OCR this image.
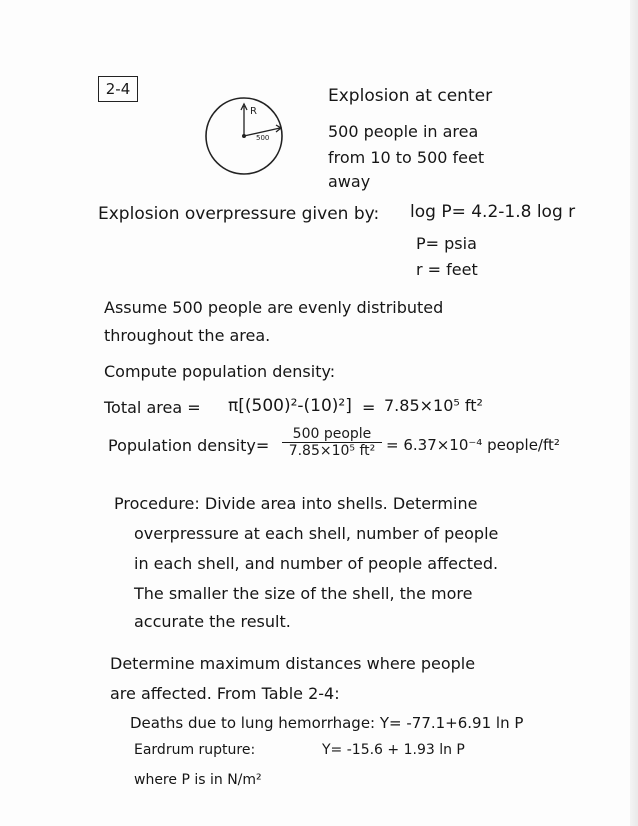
2-4
R
500
Explosion at center
500 people in area
from 10 to 500 feet
away
Explosion overpressure given by: log P= 4.2-1.8 log r
P= psia
r = feet
Assume 500 people are evenly distributed
throughout the area.
Compute population density:
Total area = π[(500)²-(10)²] = 7.85×10⁵ ft²
Population density=
500 people
7.85×10⁵ ft² = 6.37×10⁻⁴ people/ft²
Procedure: Divide area into shells. Determine
overpressure at each shell, number of people
in each shell, and number of people affected.
The smaller the size of the shell, the more
accurate the result.
Determine maximum distances where people
are affected. From Table 2-4:
Deaths due to lung hemorrhage: Y= -77.1+6.91 ln P
Eardrum rupture:	Y= -15.6 + 1.93 ln P
where P is in N/m²
